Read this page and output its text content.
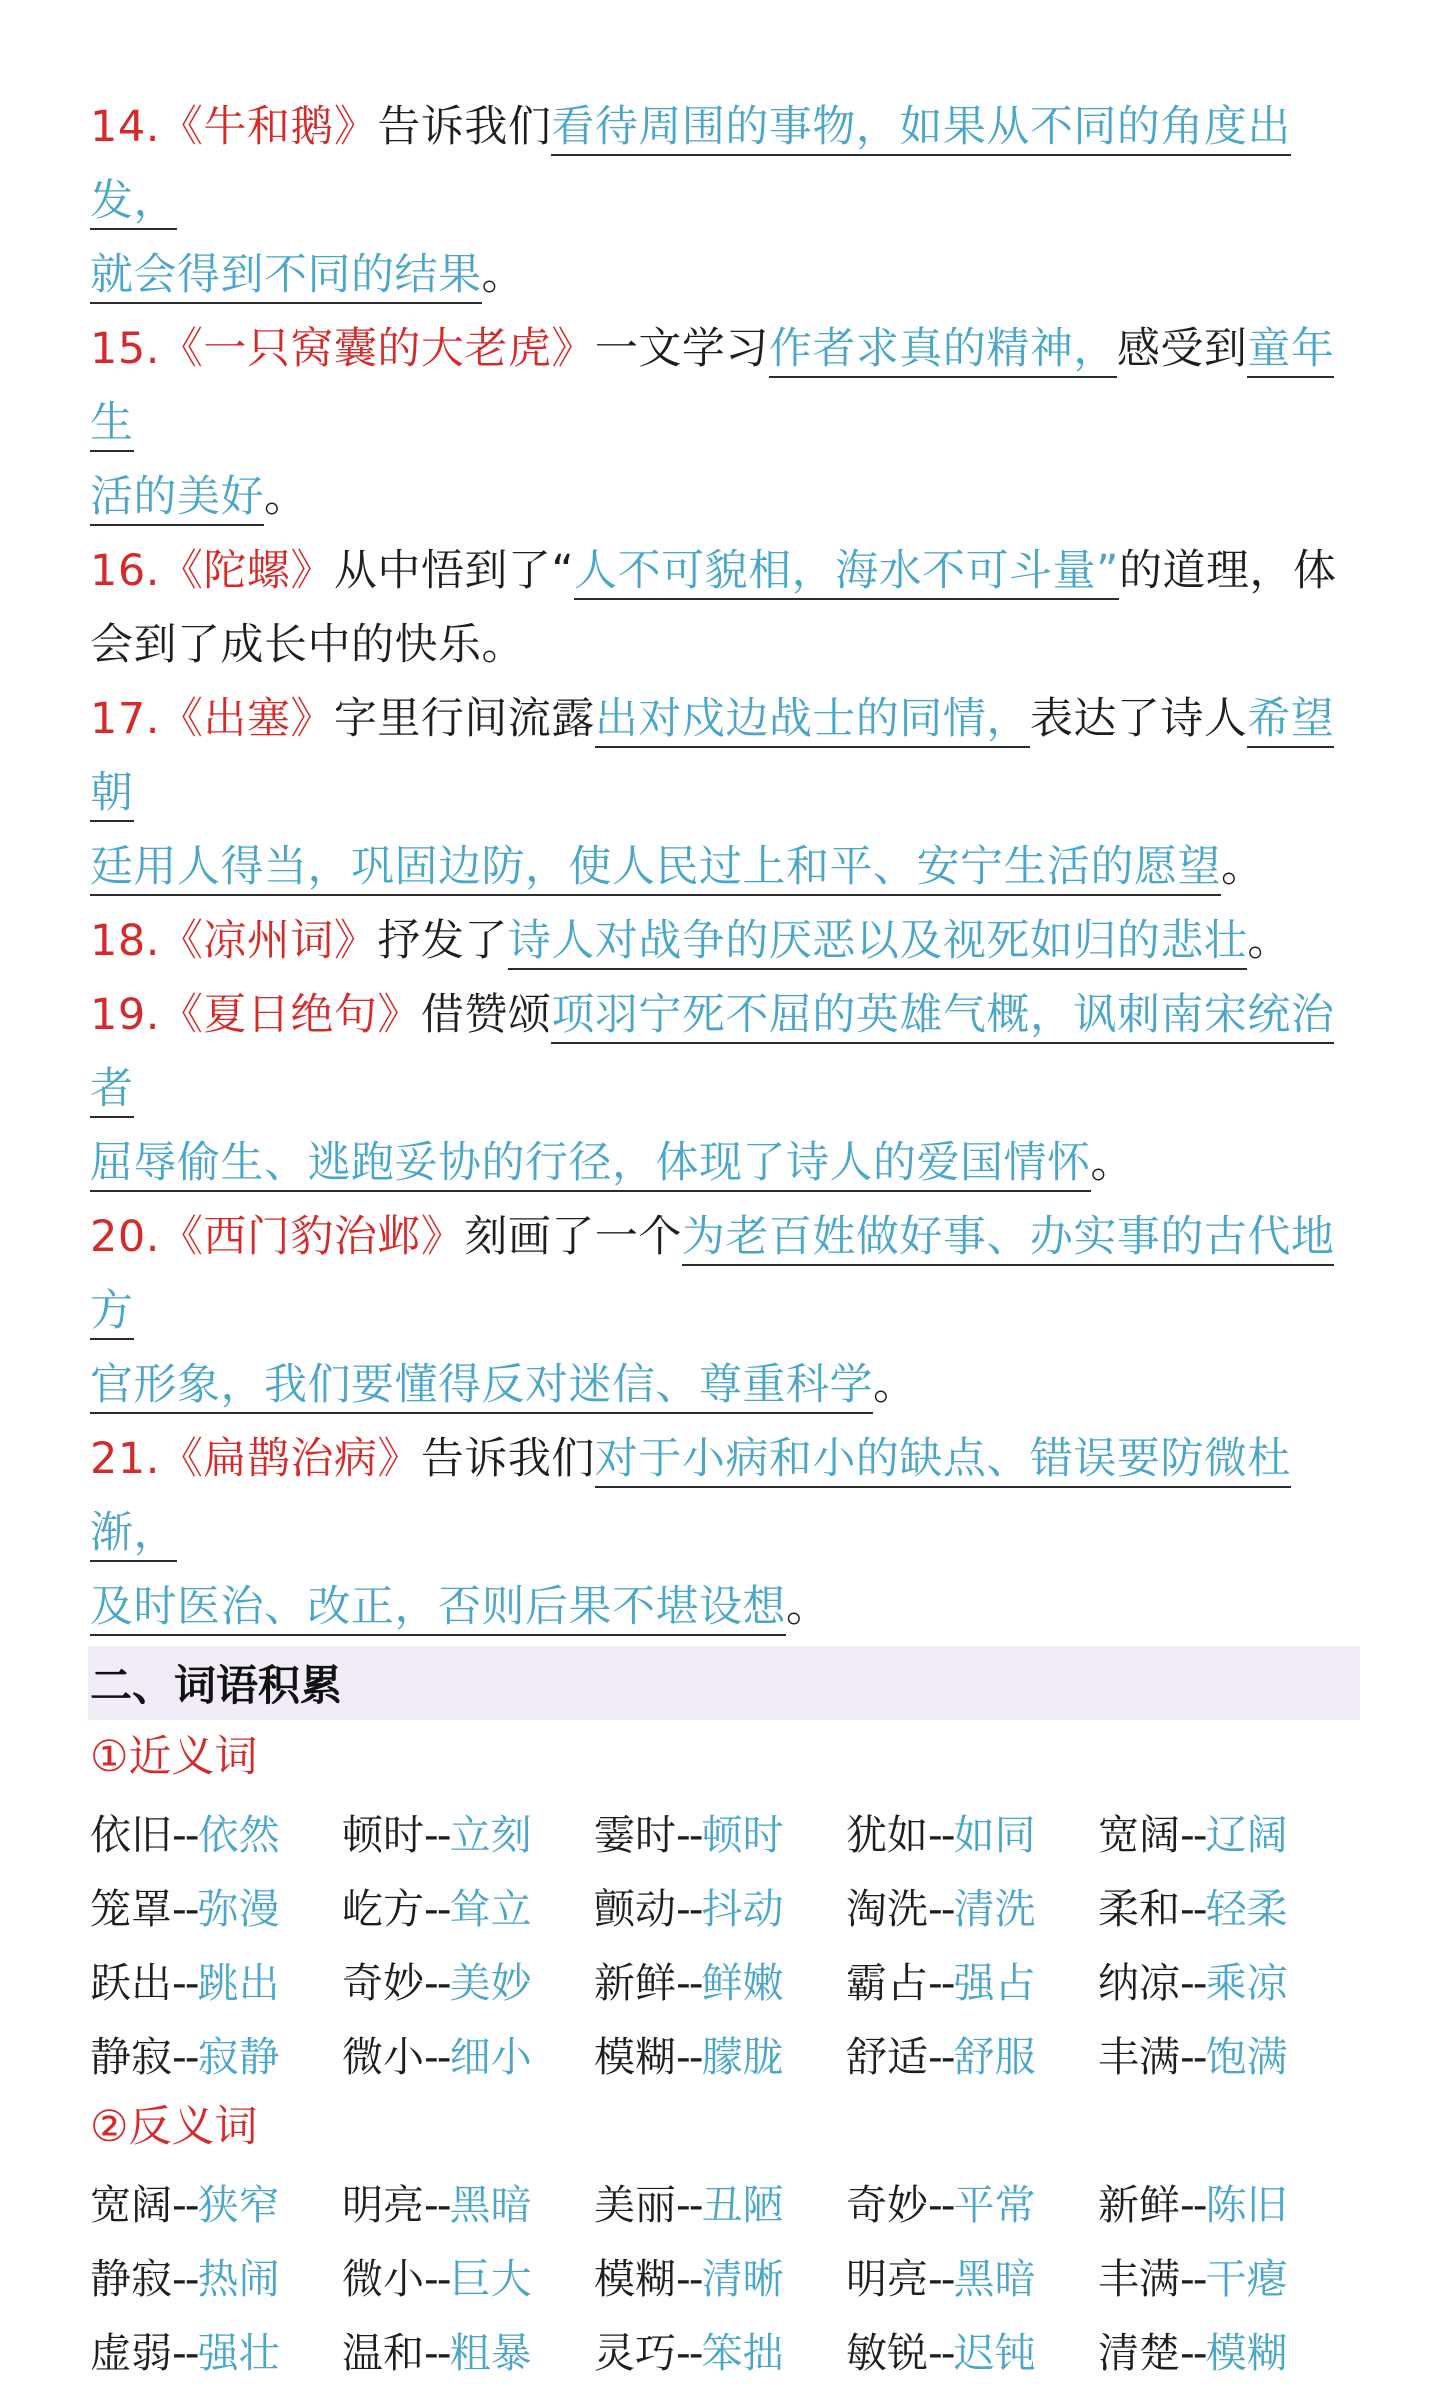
14.《牛和鹅》告诉我们看待周围的事物，如果从不同的角度出发，
就会得到不同的结果。
15.《一只窝囊的大老虎》一文学习作者求真的精神，感受到童年生
活的美好。
16.《陀螺》从中悟到了“人不可貌相，海水不可斗量”的道理，体
会到了成长中的快乐。
17.《出塞》字里行间流露出对戍边战士的同情，表达了诗人希望朝
廷用人得当，巩固边防，使人民过上和平、安宁生活的愿望。
18.《凉州词》抒发了诗人对战争的厌恶以及视死如归的悲壮。
19.《夏日绝句》借赞颂项羽宁死不屈的英雄气概，讽刺南宋统治者
屈辱偷生、逃跑妥协的行径，体现了诗人的爱国情怀。
20.《西门豹治邺》刻画了一个为老百姓做好事、办实事的古代地方
官形象，我们要懂得反对迷信、尊重科学。
21.《扁鹊治病》告诉我们对于小病和小的缺点、错误要防微杜渐，
及时医治、改正，否则后果不堪设想。
二、词语积累
①近义词
依旧--依然	顿时--立刻	霎时--顿时	犹如--如同	宽阔--辽阔
笼罩--弥漫	屹方--耸立	颤动--抖动	淘洗--清洗	柔和--轻柔
跃出--跳出	奇妙--美妙	新鲜--鲜嫩	霸占--强占	纳凉--乘凉
静寂--寂静	微小--细小	模糊--朦胧	舒适--舒服	丰满--饱满
②反义词
宽阔--狭窄	明亮--黑暗	美丽--丑陋	奇妙--平常	新鲜--陈旧
静寂--热闹	微小--巨大	模糊--清晰	明亮--黑暗	丰满--干瘪
虚弱--强壮	温和--粗暴	灵巧--笨拙	敏锐--迟钝	清楚--模糊
